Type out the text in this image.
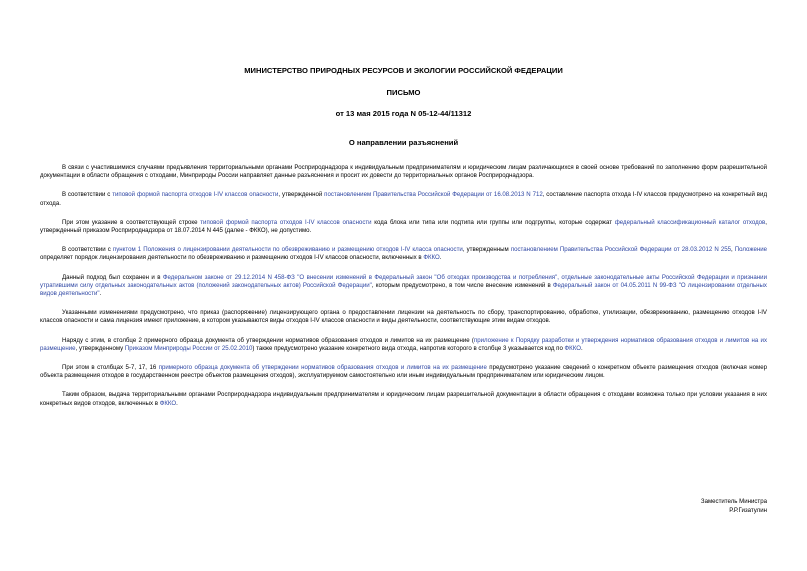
МИНИСТЕРСТВО ПРИРОДНЫХ РЕСУРСОВ И ЭКОЛОГИИ РОССИЙСКОЙ ФЕДЕРАЦИИ
ПИСЬМО
от 13 мая 2015 года N 05-12-44/11312
О направлении разъяснений

В связи с участившимися случаями предъявления территориальными органами Росприроднадзора к индивидуальным предпринимателям и юридическим лицам различающихся в своей основе требований по заполнению форм разрешительной документации в области обращения с отходами, Минприроды России направляет данные разъяснения и просит их довести до территориальных органов Росприроднадзора.

В соответствии с типовой формой паспорта отходов I-IV классов опасности, утвержденной постановлением Правительства Российской Федерации от 16.08.2013 N 712, составление паспорта отхода I-IV классов предусмотрено на конкретный вид отхода.

При этом указание в соответствующей строке типовой формой паспорта отходов I-IV классов опасности кода блока или типа или подтипа или группы или подгруппы, которые содержат федеральный классификационный каталог отходов, утвержденный приказом Росприроднадзора от 18.07.2014 N 445 (далее - ФККО), не допустимо.

В соответствии с пунктом 1 Положения о лицензировании деятельности по обезвреживанию и размещению отходов I-IV класса опасности, утвержденным постановлением Правительства Российской Федерации от 28.03.2012 N 255, Положение определяет порядок лицензирования деятельности по обезвреживанию и размещению отходов I-IV классов опасности, включенных в ФККО.

Данный подход был сохранен и в Федеральном законе от 29.12.2014 N 458-ФЗ "О внесении изменений в Федеральный закон "Об отходах производства и потребления", отдельные законодательные акты Российской Федерации и признании утратившими силу отдельных законодательных актов (положений законодательных актов) Российской Федерации", которым предусмотрено, в том числе внесение изменений в Федеральный закон от 04.05.2011 N 99-ФЗ "О лицензировании отдельных видов деятельности".

Указанными изменениями предусмотрено, что приказ (распоряжение) лицензирующего органа о предоставлении лицензии на деятельность по сбору, транспортированию, обработке, утилизации, обезвреживанию, размещению отходов I-IV классов опасности и сама лицензия имеют приложение, в котором указываются виды отходов I-IV классов опасности и виды деятельности, соответствующие этим видам отходов.

Наряду с этим, в столбце 2 примерного образца документа об утверждении нормативов образования отходов и лимитов на их размещение (приложение к Порядку разработки и утверждения нормативов образования отходов и лимитов на их размещение, утвержденному Приказом Минприроды России от 25.02.2010) также предусмотрено указание конкретного вида отхода, напротив которого в столбце 3 указывается код по ФККО.

При этом в столбцах 5-7, 17, 16 примерного образца документа об утверждении нормативов образования отходов и лимитов на их размещение предусмотрено указание сведений о конкретном объекте размещения отходов (включая номер объекта размещения отходов в государственном реестре объектов размещения отходов), эксплуатируемом самостоятельно или иным индивидуальным предпринимателем или юридическим лицом.

Таким образом, выдача территориальными органами Росприроднадзора индивидуальным предпринимателям и юридическим лицам разрешительной документации в области обращения с отходами возможна только при условии указания в них конкретных видов отходов, включенных в ФККО.

Заместитель Министра
Р.Р.Гизатулин
